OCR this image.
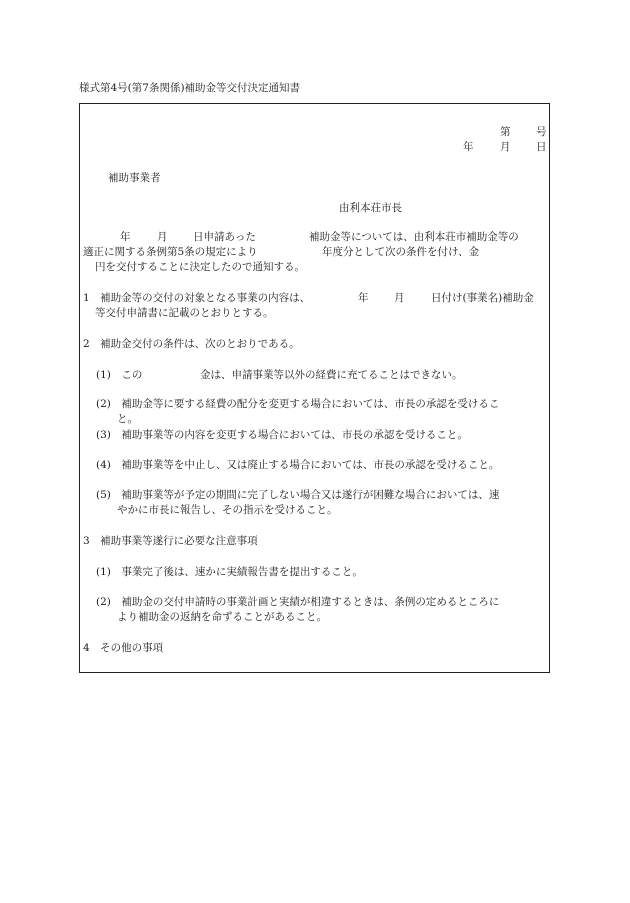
様式第4号(第7条関係)補助金等交付決定通知書
第 号
年	月 日
補助事業者
由利本荘市長
年	月 日申請あった	補助金等については、由利本荘市補助金等の
適正に関する条例第5条の規定により	年度分として次の条件を付け、金
円を交付することに決定したので通知する。
1　補助金等の交付の対象となる事業の内容は、	年 月	日付け(事業名)補助金
等交付申請書に記載のとおりとする。
2　補助金交付の条件は、次のとおりである。
(1)　この	金は、申請事業等以外の経費に充てることはできない。
(2)　補助金等に要する経費の配分を変更する場合においては、市長の承認を受けるこ
と。
(3)　補助事業等の内容を変更する場合においては、市長の承認を受けること。
(4)　補助事業等を中止し、又は廃止する場合においては、市長の承認を受けること。
(5)　補助事業等が予定の期間に完了しない場合又は遂行が困難な場合においては、速
やかに市長に報告し、その指示を受けること。
3　補助事業等遂行に必要な注意事項
(1)　事業完了後は、速かに実績報告書を提出すること。
(2)　補助金の交付申請時の事業計画と実績が相違するときは、条例の定めるところに
より補助金の返納を命ずることがあること。
4　その他の事項
